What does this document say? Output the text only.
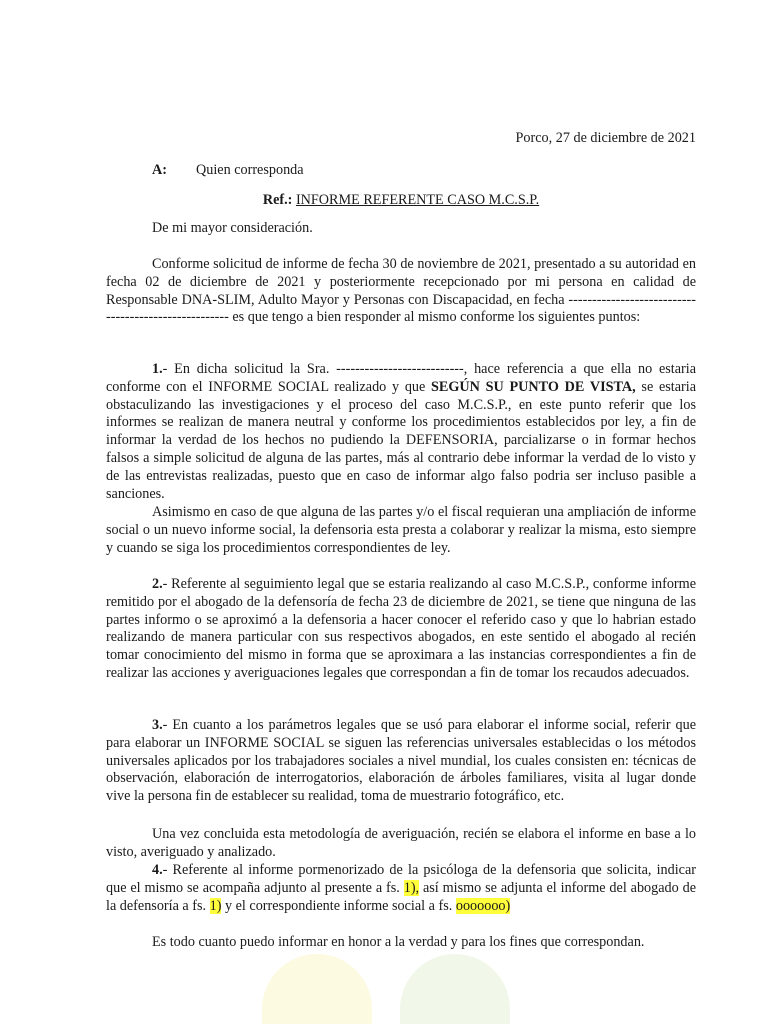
Porco, 27 de diciembre de 2021

A: Quien corresponda

Ref.: INFORME REFERENTE CASO M.C.S.P.

De mi mayor consideración.

Conforme solicitud de informe de fecha 30 de noviembre de 2021, presentado a su autoridad en fecha 02 de diciembre de 2021 y posteriormente recepcionado por mi persona en calidad de Responsable DNA-SLIM, Adulto Mayor y Personas con Discapacidad, en fecha ----------------------------------------------------- es que tengo a bien responder al mismo conforme los siguientes puntos:

1.- En dicha solicitud la Sra. ---------------------------, hace referencia a que ella no estaria conforme con el INFORME SOCIAL realizado y que SEGÚN SU PUNTO DE VISTA, se estaria obstaculizando las investigaciones y el proceso del caso M.C.S.P., en este punto referir que los informes se realizan de manera neutral y conforme los procedimientos establecidos por ley, a fin de informar la verdad de los hechos no pudiendo la DEFENSORIA, parcializarse o in formar hechos falsos a simple solicitud de alguna de las partes, más al contrario debe informar la verdad de lo visto y de las entrevistas realizadas, puesto que en caso de informar algo falso podria ser incluso pasible a sanciones.

Asimismo en caso de que alguna de las partes y/o el fiscal requieran una ampliación de informe social o un nuevo informe social, la defensoria esta presta a colaborar y realizar la misma, esto siempre y cuando se siga los procedimientos correspondientes de ley.

2.- Referente al seguimiento legal que se estaria realizando al caso M.C.S.P., conforme informe remitido por el abogado de la defensoría de fecha 23 de diciembre de 2021, se tiene que ninguna de las partes informo o se aproximó a la defensoria a hacer conocer el referido caso y que lo habrian estado realizando de manera particular con sus respectivos abogados, en este sentido el abogado al recién tomar conocimiento del mismo in forma que se aproximara a las instancias correspondientes a fin de realizar las acciones y averiguaciones legales que correspondan a fin de tomar los recaudos adecuados.

3.- En cuanto a los parámetros legales que se usó para elaborar el informe social, referir que para elaborar un INFORME SOCIAL se siguen las referencias universales establecidas o los métodos universales aplicados por los trabajadores sociales a nivel mundial, los cuales consisten en: técnicas de observación, elaboración de interrogatorios, elaboración de árboles familiares, visita al lugar donde vive la persona fin de establecer su realidad, toma de muestrario fotográfico, etc.

Una vez concluida esta metodología de averiguación, recién se elabora el informe en base a lo visto, averiguado y analizado.

4.- Referente al informe pormenorizado de la psicóloga de la defensoria que solicita, indicar que el mismo se acompaña adjunto al presente a fs. 1), así mismo se adjunta el informe del abogado de la defensoría a fs. 1) y el correspondiente informe social a fs. ooooooo)

Es todo cuanto puedo informar en honor a la verdad y para los fines que correspondan.
